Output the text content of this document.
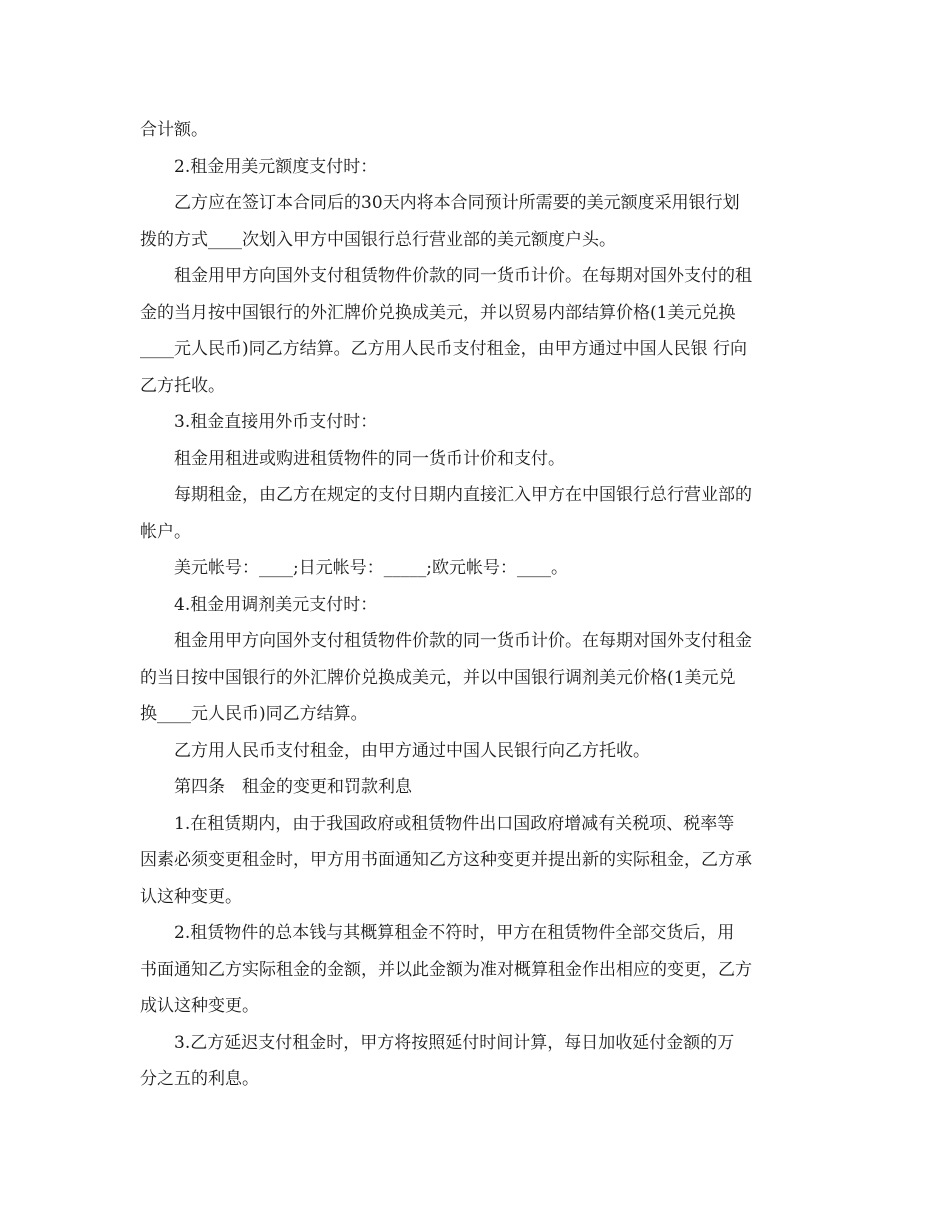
合计额。

2.租金用美元额度支付时：

乙方应在签订本合同后的30天内将本合同预计所需要的美元额度采用银行划
拨的方式____次划入甲方中国银行总行营业部的美元额度户头。

租金用甲方向国外支付租赁物件价款的同一货币计价。在每期对国外支付的租
金的当月按中国银行的外汇牌价兑换成美元，并以贸易内部结算价格(1美元兑换
____元人民币)同乙方结算。乙方用人民币支付租金，由甲方通过中国人民银 行向
乙方托收。

3.租金直接用外币支付时：

租金用租进或购进租赁物件的同一货币计价和支付。

每期租金，由乙方在规定的支付日期内直接汇入甲方在中国银行总行营业部的
帐户。

美元帐号：____;日元帐号：_____;欧元帐号：____。

4.租金用调剂美元支付时：

租金用甲方向国外支付租赁物件价款的同一货币计价。在每期对国外支付租金
的当日按中国银行的外汇牌价兑换成美元，并以中国银行调剂美元价格(1美元兑
换____元人民币)同乙方结算。

乙方用人民币支付租金，由甲方通过中国人民银行向乙方托收。

第四条　租金的变更和罚款利息

1.在租赁期内，由于我国政府或租赁物件出口国政府增减有关税项、税率等
因素必须变更租金时，甲方用书面通知乙方这种变更并提出新的实际租金，乙方承
认这种变更。

2.租赁物件的总本钱与其概算租金不符时，甲方在租赁物件全部交货后，用
书面通知乙方实际租金的金额，并以此金额为准对概算租金作出相应的变更，乙方
成认这种变更。

3.乙方延迟支付租金时，甲方将按照延付时间计算，每日加收延付金额的万
分之五的利息。
